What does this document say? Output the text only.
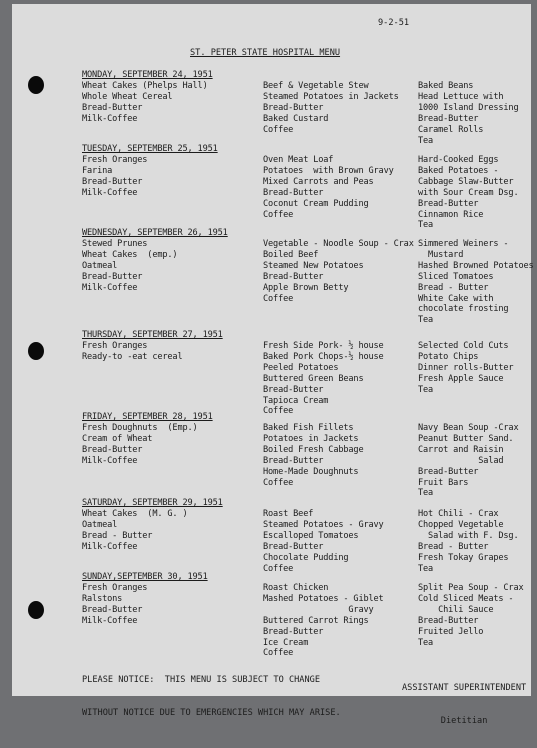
9-2-51
ST. PETER STATE HOSPITAL MENU
MONDAY, SEPTEMBER 24, 1951
Wheat Cakes (Phelps Hall)
Whole Wheat Cereal
Bread-Butter
Milk-Coffee
Beef & Vegetable Stew
Steamed Potatoes in Jackets
Bread-Butter
Baked Custard
Coffee
Baked Beans
Head Lettuce with
1000 Island Dressing
Bread-Butter
Caramel Rolls
Tea
TUESDAY, SEPTEMBER 25, 1951
Fresh Oranges
Farina
Bread-Butter
Milk-Coffee
Oven Meat Loaf
Potatoes  with Brown Gravy
Mixed Carrots and Peas
Bread-Butter
Coconut Cream Pudding
Coffee
Hard-Cooked Eggs
Baked Potatoes -
Cabbage Slaw-Butter
with Sour Cream Dsg.
Bread-Butter
Cinnamon Rice
Tea
WEDNESDAY, SEPTEMBER 26, 1951
Stewed Prunes
Wheat Cakes  (emp.)
Oatmeal
Bread-Butter
Milk-Coffee
Vegetable - Noodle Soup - Crax
Boiled Beef
Steamed New Potatoes
Bread-Butter
Apple Brown Betty
Coffee
Simmered Weiners -
Mustard
Hashed Browned Potatoes
Sliced Tomatoes
Bread - Butter
White Cake with
chocolate frosting
Tea
THURSDAY, SEPTEMBER 27, 1951
Fresh Oranges
Ready-to -eat cereal
Fresh Side Pork- ½ house
Baked Pork Chops-½ house
Peeled Potatoes
Buttered Green Beans
Bread-Butter
Tapioca Cream
Coffee
Selected Cold Cuts
Potato Chips
Dinner rolls-Butter
Fresh Apple Sauce
Tea
FRIDAY, SEPTEMBER 28, 1951
Fresh Doughnuts  (Emp.)
Cream of Wheat
Bread-Butter
Milk-Coffee
Baked Fish Fillets
Potatoes in Jackets
Boiled Fresh Cabbage
Bread-Butter
Home-Made Doughnuts
Coffee
Navy Bean Soup -Crax
Peanut Butter Sand.
Carrot and Raisin
Salad
Bread-Butter
Fruit Bars
Tea
SATURDAY, SEPTEMBER 29, 1951
Wheat Cakes  (M. G. )
Oatmeal
Bread - Butter
Milk-Coffee
Roast Beef
Steamed Potatoes - Gravy
Escalloped Tomatoes
Bread-Butter
Chocolate Pudding
Coffee
Hot Chili - Crax
Chopped Vegetable
Salad with F. Dsg.
Bread - Butter
Fresh Tokay Grapes
Tea
SUNDAY,SEPTEMBER 30, 1951
Fresh Oranges
Ralstons
Bread-Butter
Milk-Coffee
Roast Chicken
Mashed Potatoes - Giblet
Gravy
Buttered Carrot Rings
Bread-Butter
Ice Cream
Coffee
Split Pea Soup - Crax
Cold Sliced Meats -
Chili Sauce
Bread-Butter
Fruited Jello
Tea

PLEASE NOTICE:  THIS MENU IS SUBJECT TO CHANGE

WITHOUT NOTICE DUE TO EMERGENCIES WHICH MAY ARISE.

ASSISTANT SUPERINTENDENT

Dietitian
